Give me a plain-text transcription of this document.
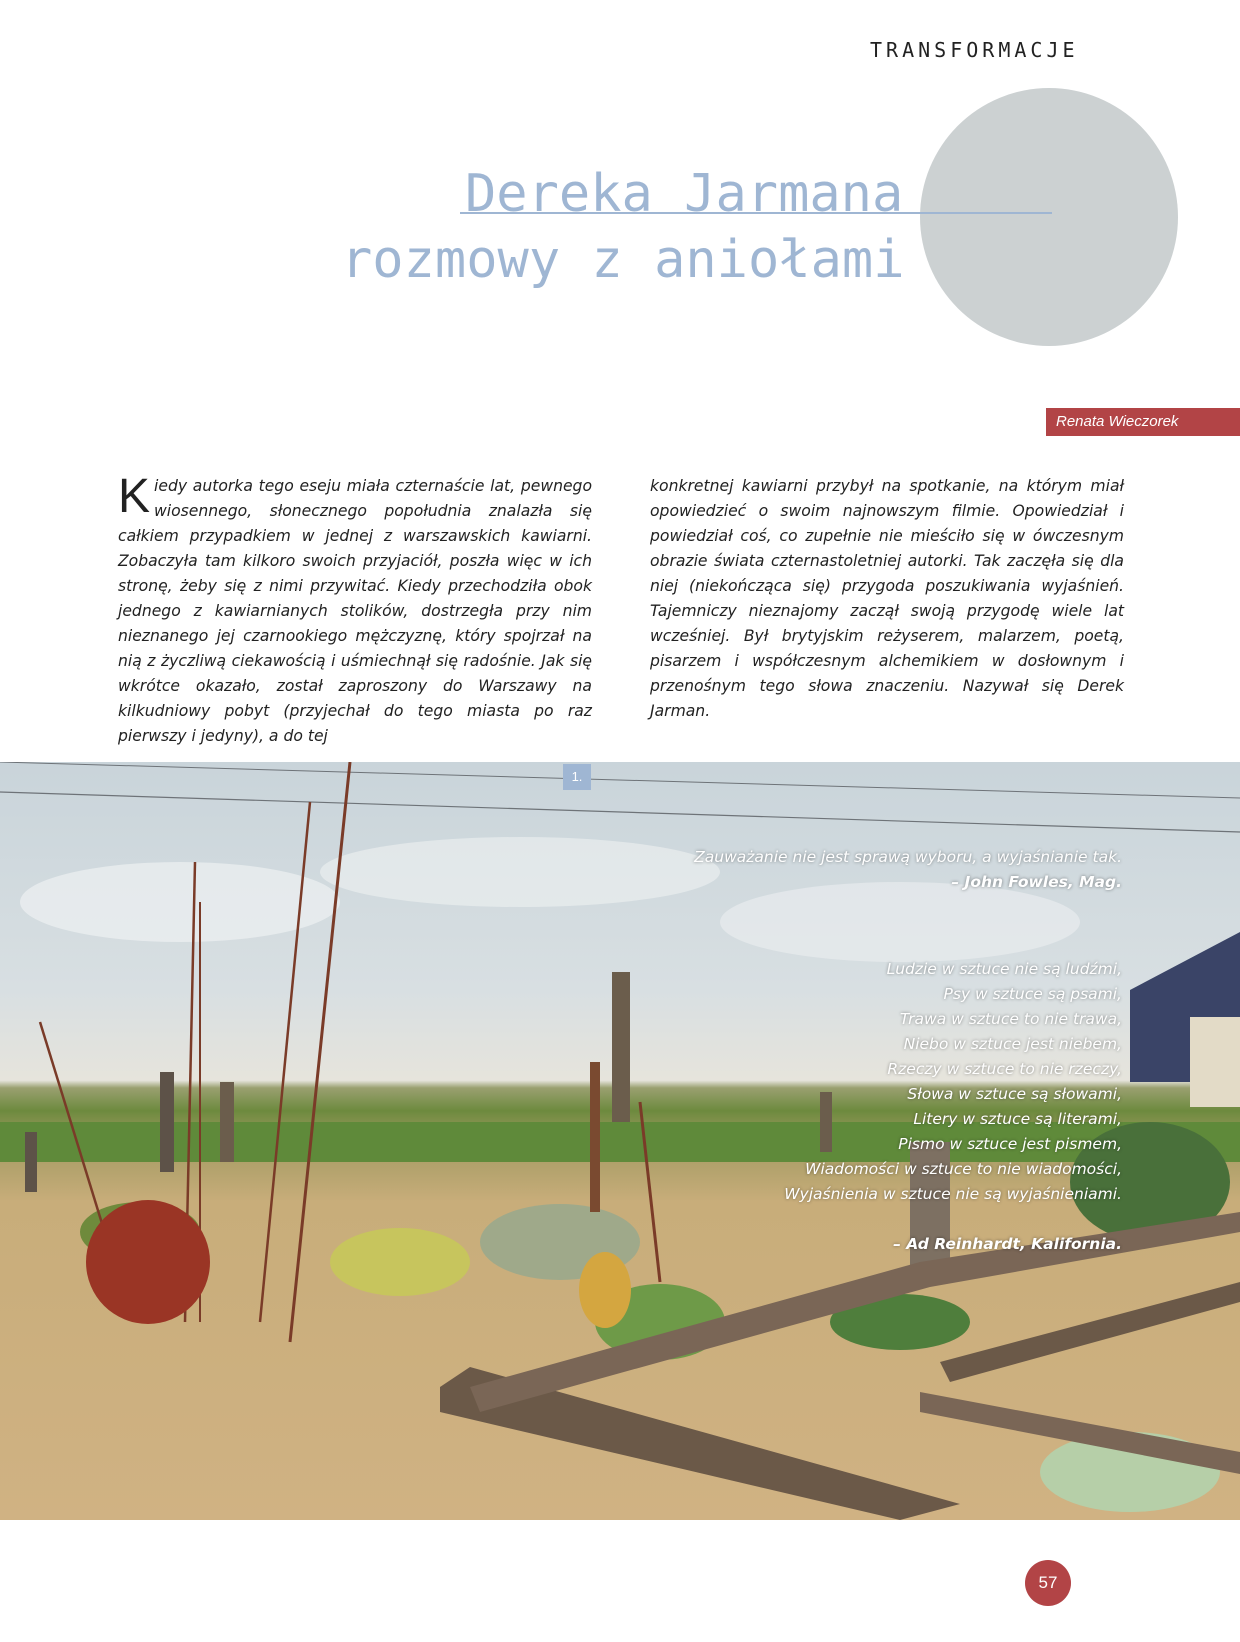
TRANSFORMACJE
Dereka Jarmana
rozmowy z aniołami
Renata Wieczorek

Kiedy autorka tego eseju miała czternaście lat, pewnego wiosennego, słonecznego popołudnia znalazła się całkiem przypadkiem w jednej z warszawskich kawiarni. Zobaczyła tam kilkoro swoich przyjaciół, poszła więc w ich stronę, żeby się z nimi przywitać. Kiedy przechodziła obok jednego z kawiarnianych stolików, dostrzegła przy nim nieznanego jej czarnookiego mężczyznę, który spojrzał na nią z życzliwą ciekawością i uśmiechnął się radośnie. Jak się wkrótce okazało, został zaproszony do Warszawy na kilkudniowy pobyt (przyjechał do tego miasta po raz pierwszy i jedyny), a do tej

konkretnej kawiarni przybył na spotkanie, na którym miał opowiedzieć o swoim najnowszym filmie. Opowiedział i powiedział coś, co zupełnie nie mieściło się w ówczesnym obrazie świata czternastoletniej autorki. Tak zaczęła się dla niej (niekończąca się) przygoda poszukiwania wyjaśnień. Tajemniczy nieznajomy zaczął swoją przygodę wiele lat wcześniej. Był brytyjskim reżyserem, malarzem, poetą, pisarzem i współczesnym alchemikiem w dosłownym i przenośnym tego słowa znaczeniu. Nazywał się Derek Jarman.

1.

Zauważanie nie jest sprawą wyboru, a wyjaśnianie tak.
– John Fowles, Mag.

Ludzie w sztuce nie są ludźmi,
Psy w sztuce są psami,
Trawa w sztuce to nie trawa,
Niebo w sztuce jest niebem,
Rzeczy w sztuce to nie rzeczy,
Słowa w sztuce są słowami,
Litery w sztuce są literami,
Pismo w sztuce jest pismem,
Wiadomości w sztuce to nie wiadomości,
Wyjaśnienia w sztuce nie są wyjaśnieniami.

– Ad Reinhardt, Kalifornia.

57
